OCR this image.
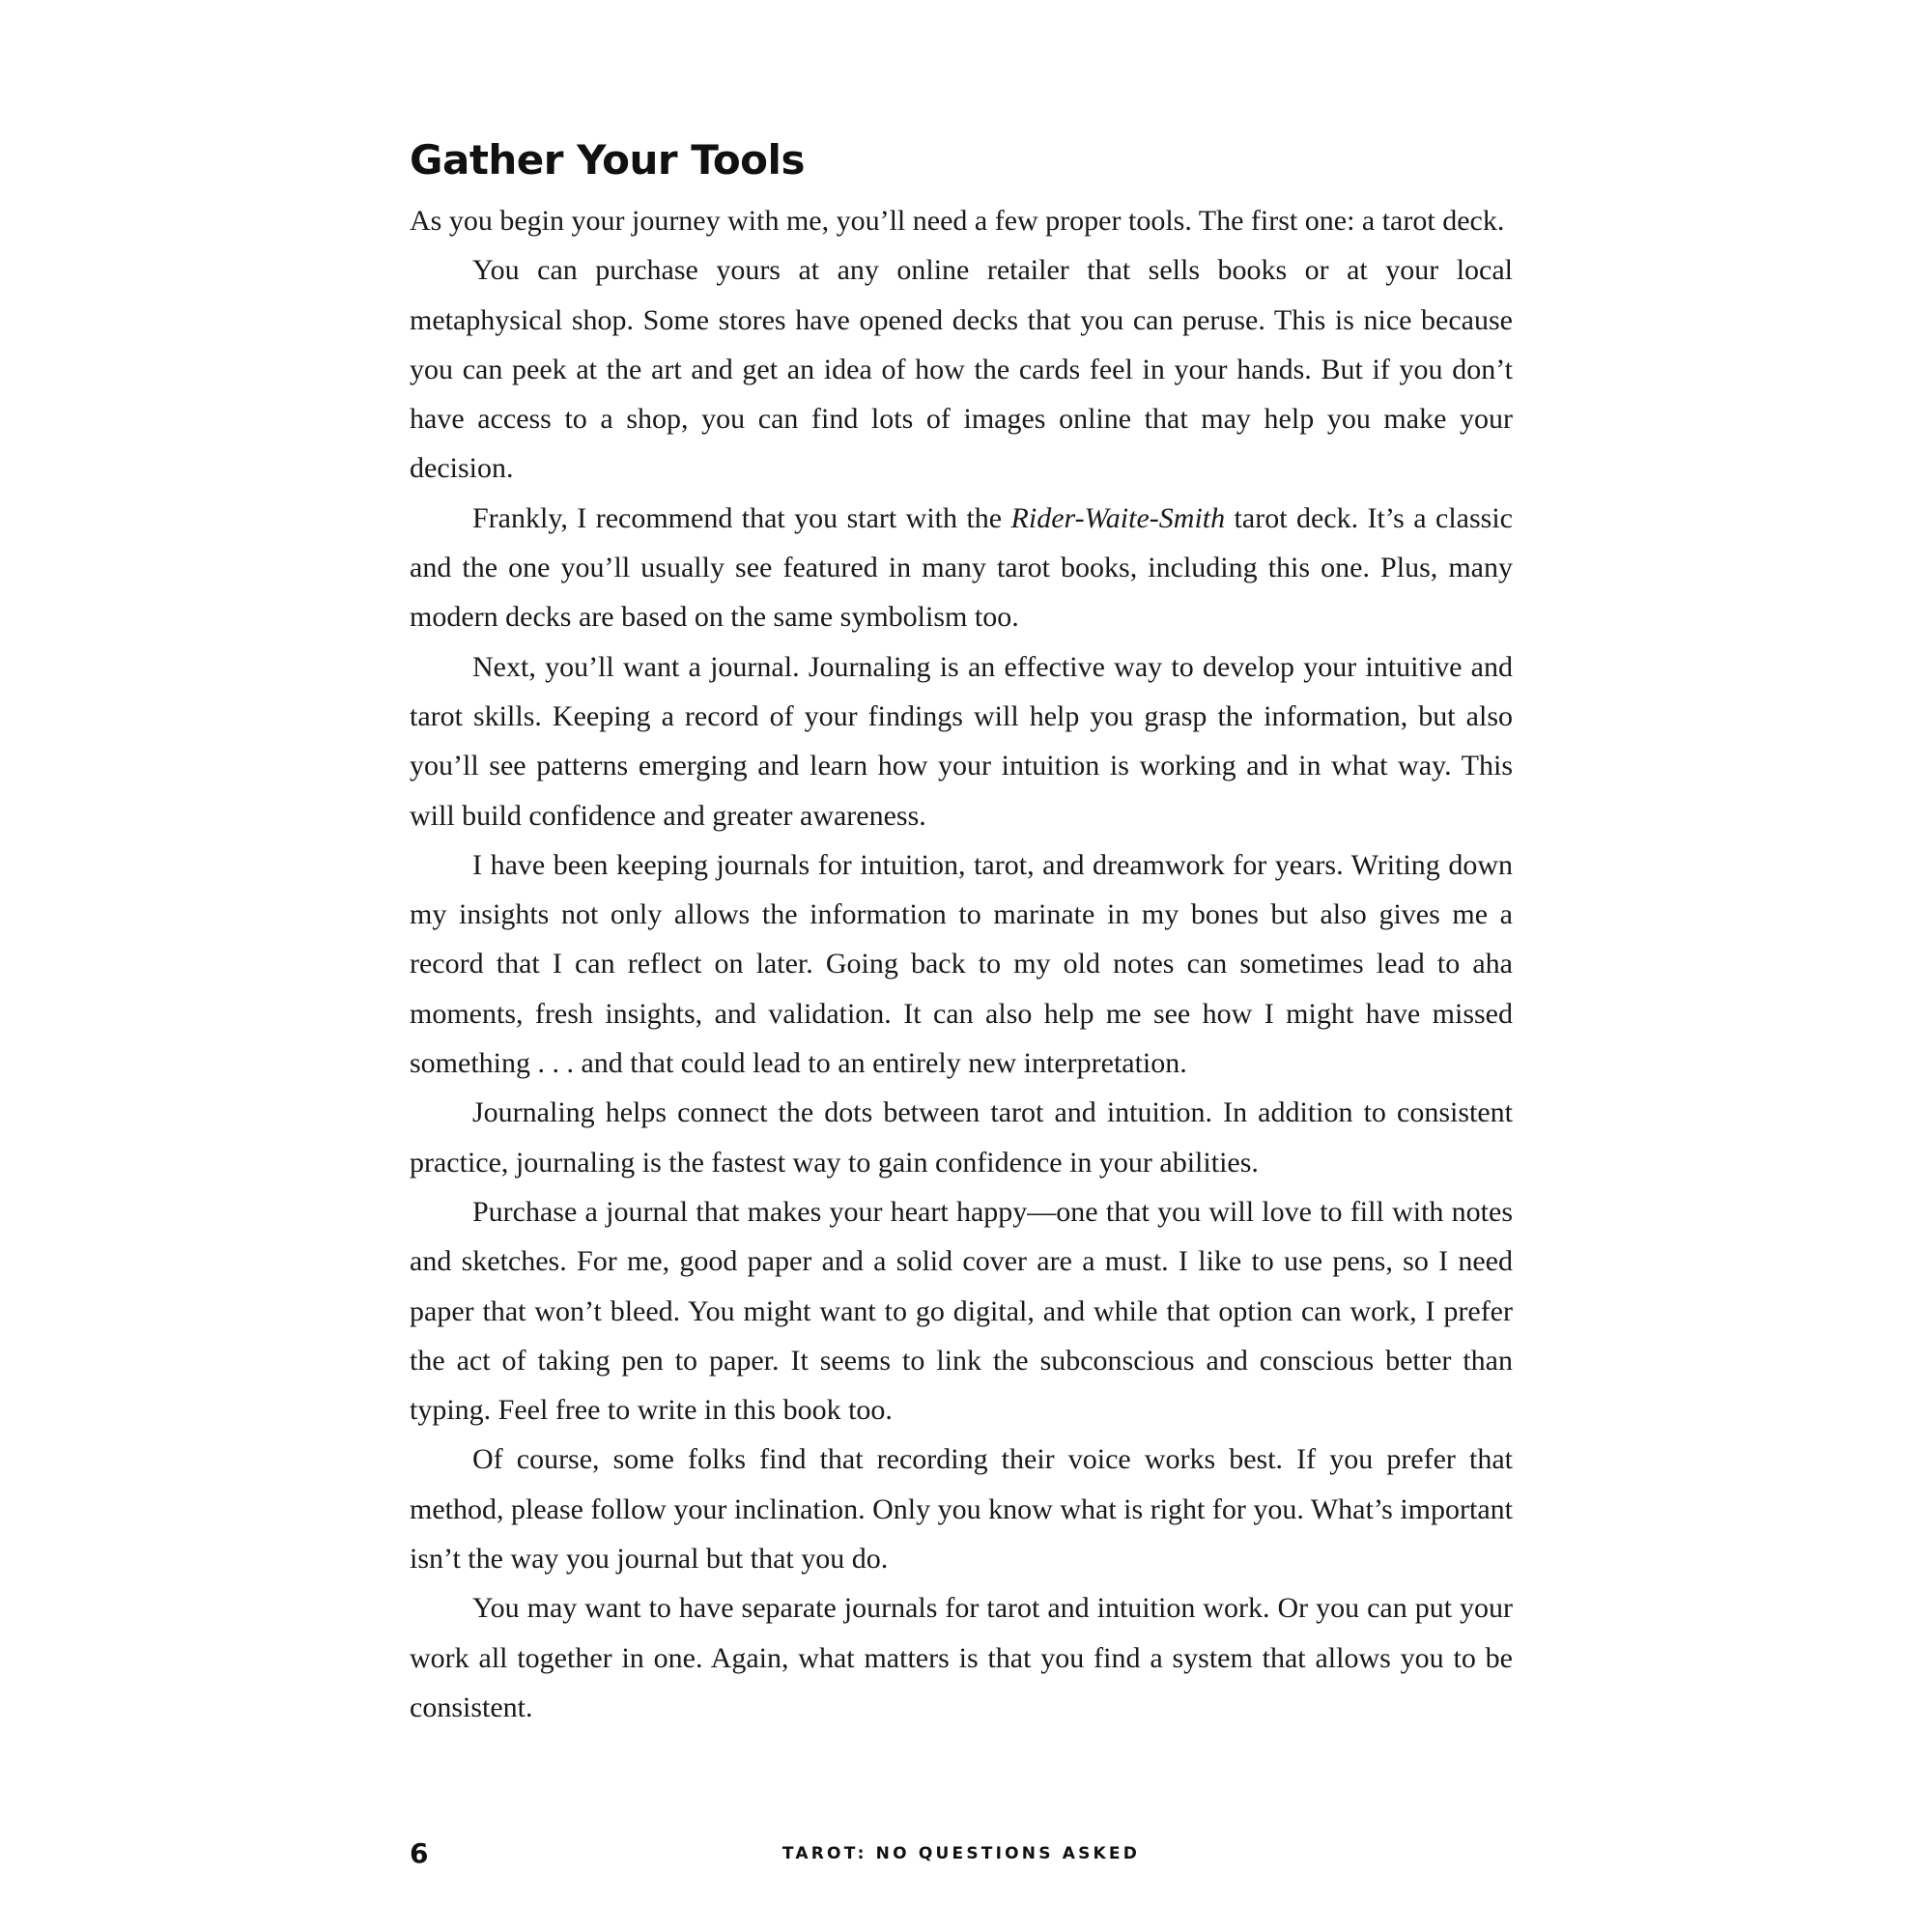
Gather Your Tools

As you begin your journey with me, you’ll need a few proper tools. The first one: a tarot deck.

You can purchase yours at any online retailer that sells books or at your local metaphysical shop. Some stores have opened decks that you can peruse. This is nice because you can peek at the art and get an idea of how the cards feel in your hands. But if you don’t have access to a shop, you can find lots of images online that may help you make your decision.

Frankly, I recommend that you start with the Rider-Waite-Smith tarot deck. It’s a classic and the one you’ll usually see featured in many tarot books, including this one. Plus, many modern decks are based on the same symbolism too.

Next, you’ll want a journal. Journaling is an effective way to develop your intuitive and tarot skills. Keeping a record of your findings will help you grasp the information, but also you’ll see patterns emerging and learn how your intuition is working and in what way. This will build confidence and greater awareness.

I have been keeping journals for intuition, tarot, and dreamwork for years. Writing down my insights not only allows the information to marinate in my bones but also gives me a record that I can reflect on later. Going back to my old notes can sometimes lead to aha moments, fresh insights, and validation. It can also help me see how I might have missed something . . . and that could lead to an entirely new interpretation.

Journaling helps connect the dots between tarot and intuition. In addition to consistent practice, journaling is the fastest way to gain confidence in your abilities.

Purchase a journal that makes your heart happy—one that you will love to fill with notes and sketches. For me, good paper and a solid cover are a must. I like to use pens, so I need paper that won’t bleed. You might want to go digital, and while that option can work, I prefer the act of taking pen to paper. It seems to link the subconscious and conscious better than typing. Feel free to write in this book too.

Of course, some folks find that recording their voice works best. If you prefer that method, please follow your inclination. Only you know what is right for you. What’s important isn’t the way you journal but that you do.

You may want to have separate journals for tarot and intuition work. Or you can put your work all together in one. Again, what matters is that you find a system that allows you to be consistent.

6	TAROT: NO QUESTIONS ASKED
